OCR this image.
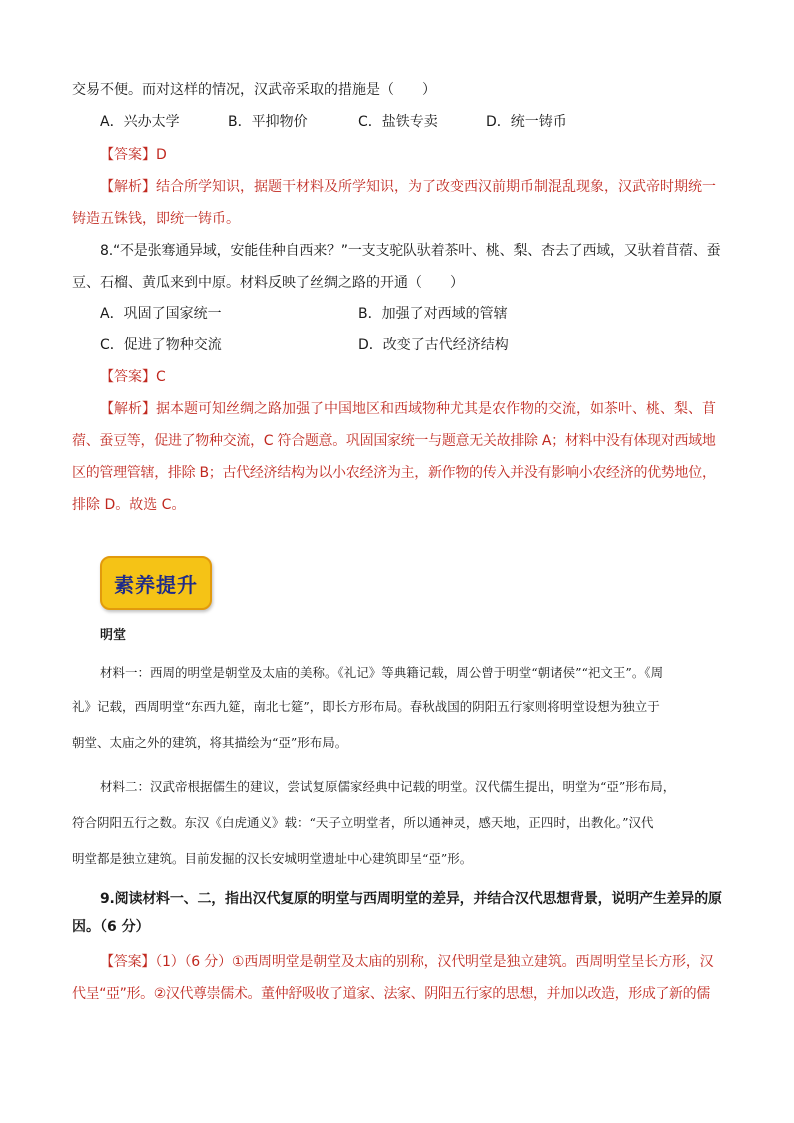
交易不便。而对这样的情况，汉武帝采取的措施是（　　）
A．兴办太学	B．平抑物价	C．盐铁专卖	D．统一铸币
【答案】D
【解析】结合所学知识，据题干材料及所学知识，为了改变西汉前期币制混乱现象，汉武帝时期统一
铸造五铢钱，即统一铸币。
8.“不是张骞通异域，安能佳种自西来？”一支支驼队驮着茶叶、桃、梨、杏去了西域，又驮着苜蓿、蚕
豆、石榴、黄瓜来到中原。材料反映了丝绸之路的开通（　　）
A．巩固了国家统一	B．加强了对西域的管辖
C．促进了物种交流	D．改变了古代经济结构
【答案】C
【解析】据本题可知丝绸之路加强了中国地区和西域物种尤其是农作物的交流，如茶叶、桃、梨、苜
蓿、蚕豆等，促进了物种交流，C 符合题意。巩固国家统一与题意无关故排除 A；材料中没有体现对西域地
区的管理管辖，排除 B；古代经济结构为以小农经济为主，新作物的传入并没有影响小农经济的优势地位，
排除 D。故选 C。
素养提升
明堂
材料一：西周的明堂是朝堂及太庙的美称。《礼记》等典籍记载，周公曾于明堂“朝诸侯”“祀文王”。《周
礼》记载，西周明堂“东西九筵，南北七筵”，即长方形布局。春秋战国的阴阳五行家则将明堂设想为独立于
朝堂、太庙之外的建筑，将其描绘为“亞”形布局。
材料二：汉武帝根据儒生的建议，尝试复原儒家经典中记载的明堂。汉代儒生提出，明堂为“亞”形布局，
符合阴阳五行之数。东汉《白虎通义》载：“天子立明堂者，所以通神灵，感天地，正四时，出教化。”汉代
明堂都是独立建筑。目前发掘的汉长安城明堂遗址中心建筑即呈“亞”形。
9.阅读材料一、二，指出汉代复原的明堂与西周明堂的差异，并结合汉代思想背景，说明产生差异的原
因。（6 分）
【答案】（1）（6 分）①西周明堂是朝堂及太庙的别称，汉代明堂是独立建筑。西周明堂呈长方形，汉
代呈“亞”形。②汉代尊崇儒术。董仲舒吸收了道家、法家、阴阳五行家的思想，并加以改造，形成了新的儒
